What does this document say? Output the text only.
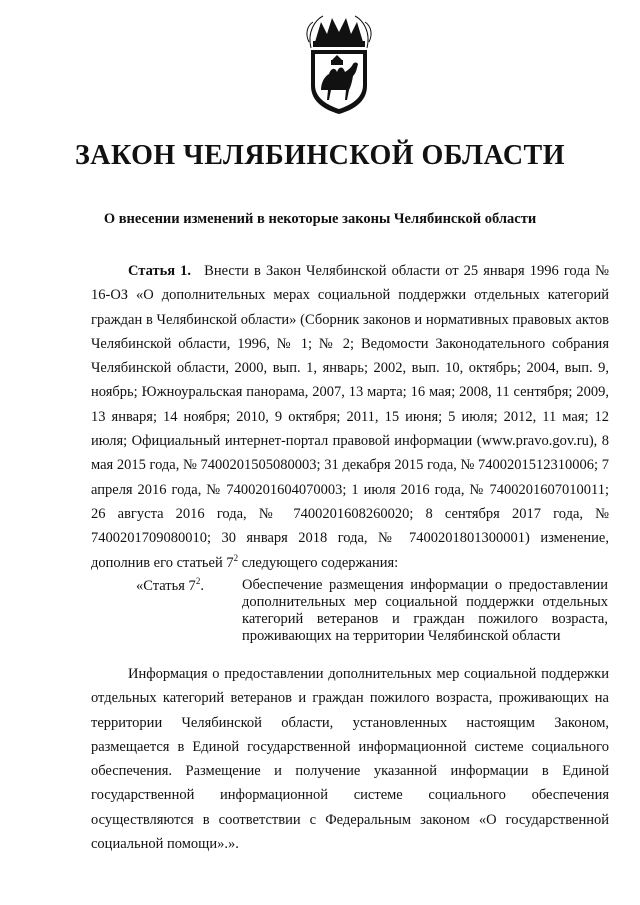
ЗАКОН ЧЕЛЯБИНСКОЙ ОБЛАСТИ
О внесении изменений в некоторые законы Челябинской области
Статья 1. Внести в Закон Челябинской области от 25 января 1996 года № 16-ОЗ «О дополнительных мерах социальной поддержки отдельных категорий граждан в Челябинской области» (Сборник законов и нормативных правовых актов Челябинской области, 1996, № 1; № 2; Ведомости Законодательного собрания Челябинской области, 2000, вып. 1, январь; 2002, вып. 10, октябрь; 2004, вып. 9, ноябрь; Южноуральская панорама, 2007, 13 марта; 16 мая; 2008, 11 сентября; 2009, 13 января; 14 ноября; 2010, 9 октября; 2011, 15 июня; 5 июля; 2012, 11 мая; 12 июля; Официальный интернет-портал правовой информации (www.pravo.gov.ru), 8 мая 2015 года, № 7400201505080003; 31 декабря 2015 года, № 7400201512310006; 7 апреля 2016 года, № 7400201604070003; 1 июля 2016 года, № 7400201607010011; 26 августа 2016 года, № 7400201608260020; 8 сентября 2017 года, № 7400201709080010; 30 января 2018 года, № 7400201801300001) изменение, дополнив его статьей $7^2$ следующего содержания:
«Статья $7^2$.	Обеспечение размещения информации о предоставлении дополнительных мер социальной поддержки отдельных категорий ветеранов и граждан пожилого возраста, проживающих на территории Челябинской области
Информация о предоставлении дополнительных мер социальной поддержки отдельных категорий ветеранов и граждан пожилого возраста, проживающих на территории Челябинской области, установленных настоящим Законом, размещается в Единой государственной информационной системе социального обеспечения. Размещение и получение указанной информации в Единой государственной информационной системе социального обеспечения осуществляются в соответствии с Федеральным законом «О государственной социальной помощи».».
